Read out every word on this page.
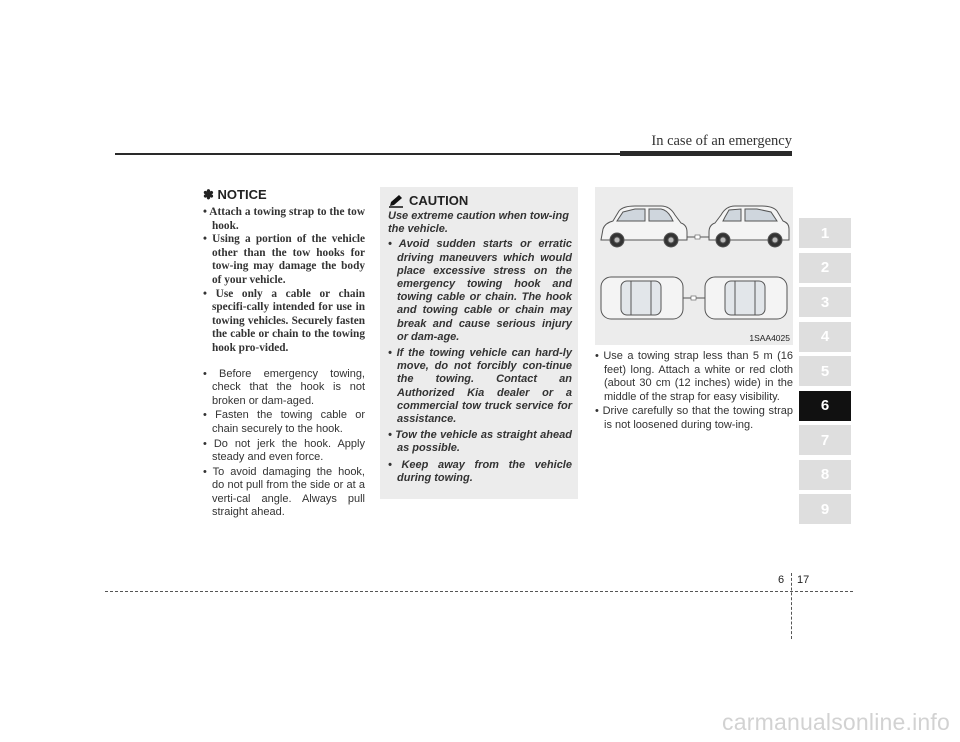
In case of an emergency
✽ NOTICE
• Attach a towing strap to the tow hook.
• Using a portion of the vehicle other than the tow hooks for tow-ing may damage the body of your vehicle.
• Use only a cable or chain specifi-cally intended for use in towing vehicles. Securely fasten the cable or chain to the towing hook pro-vided.
• Before emergency towing, check that the hook is not broken or dam-aged.
• Fasten the towing cable or chain securely to the hook.
• Do not jerk the hook. Apply steady and even force.
• To avoid damaging the hook, do not pull from the side or at a verti-cal angle. Always pull straight ahead.
CAUTION

Use extreme caution when tow-ing the vehicle.

• Avoid sudden starts or erratic driving maneuvers which would place excessive stress on the emergency towing hook and towing cable or chain. The hook and towing cable or chain may break and cause serious injury or dam-age.
• If the towing vehicle can hard-ly move, do not forcibly con-tinue the towing. Contact an Authorized Kia dealer or a commercial tow truck service for assistance.
• Tow the vehicle as straight ahead as possible.
• Keep away from the vehicle during towing.
1SAA4025
• Use a towing strap less than 5 m (16 feet) long. Attach a white or red cloth (about 30 cm (12 inches) wide) in the middle of the strap for easy visibility.
• Drive carefully so that the towing strap is not loosened during tow-ing.
1
2
3
4
5
6
7
8
9
6 17
carmanualsonline.info
